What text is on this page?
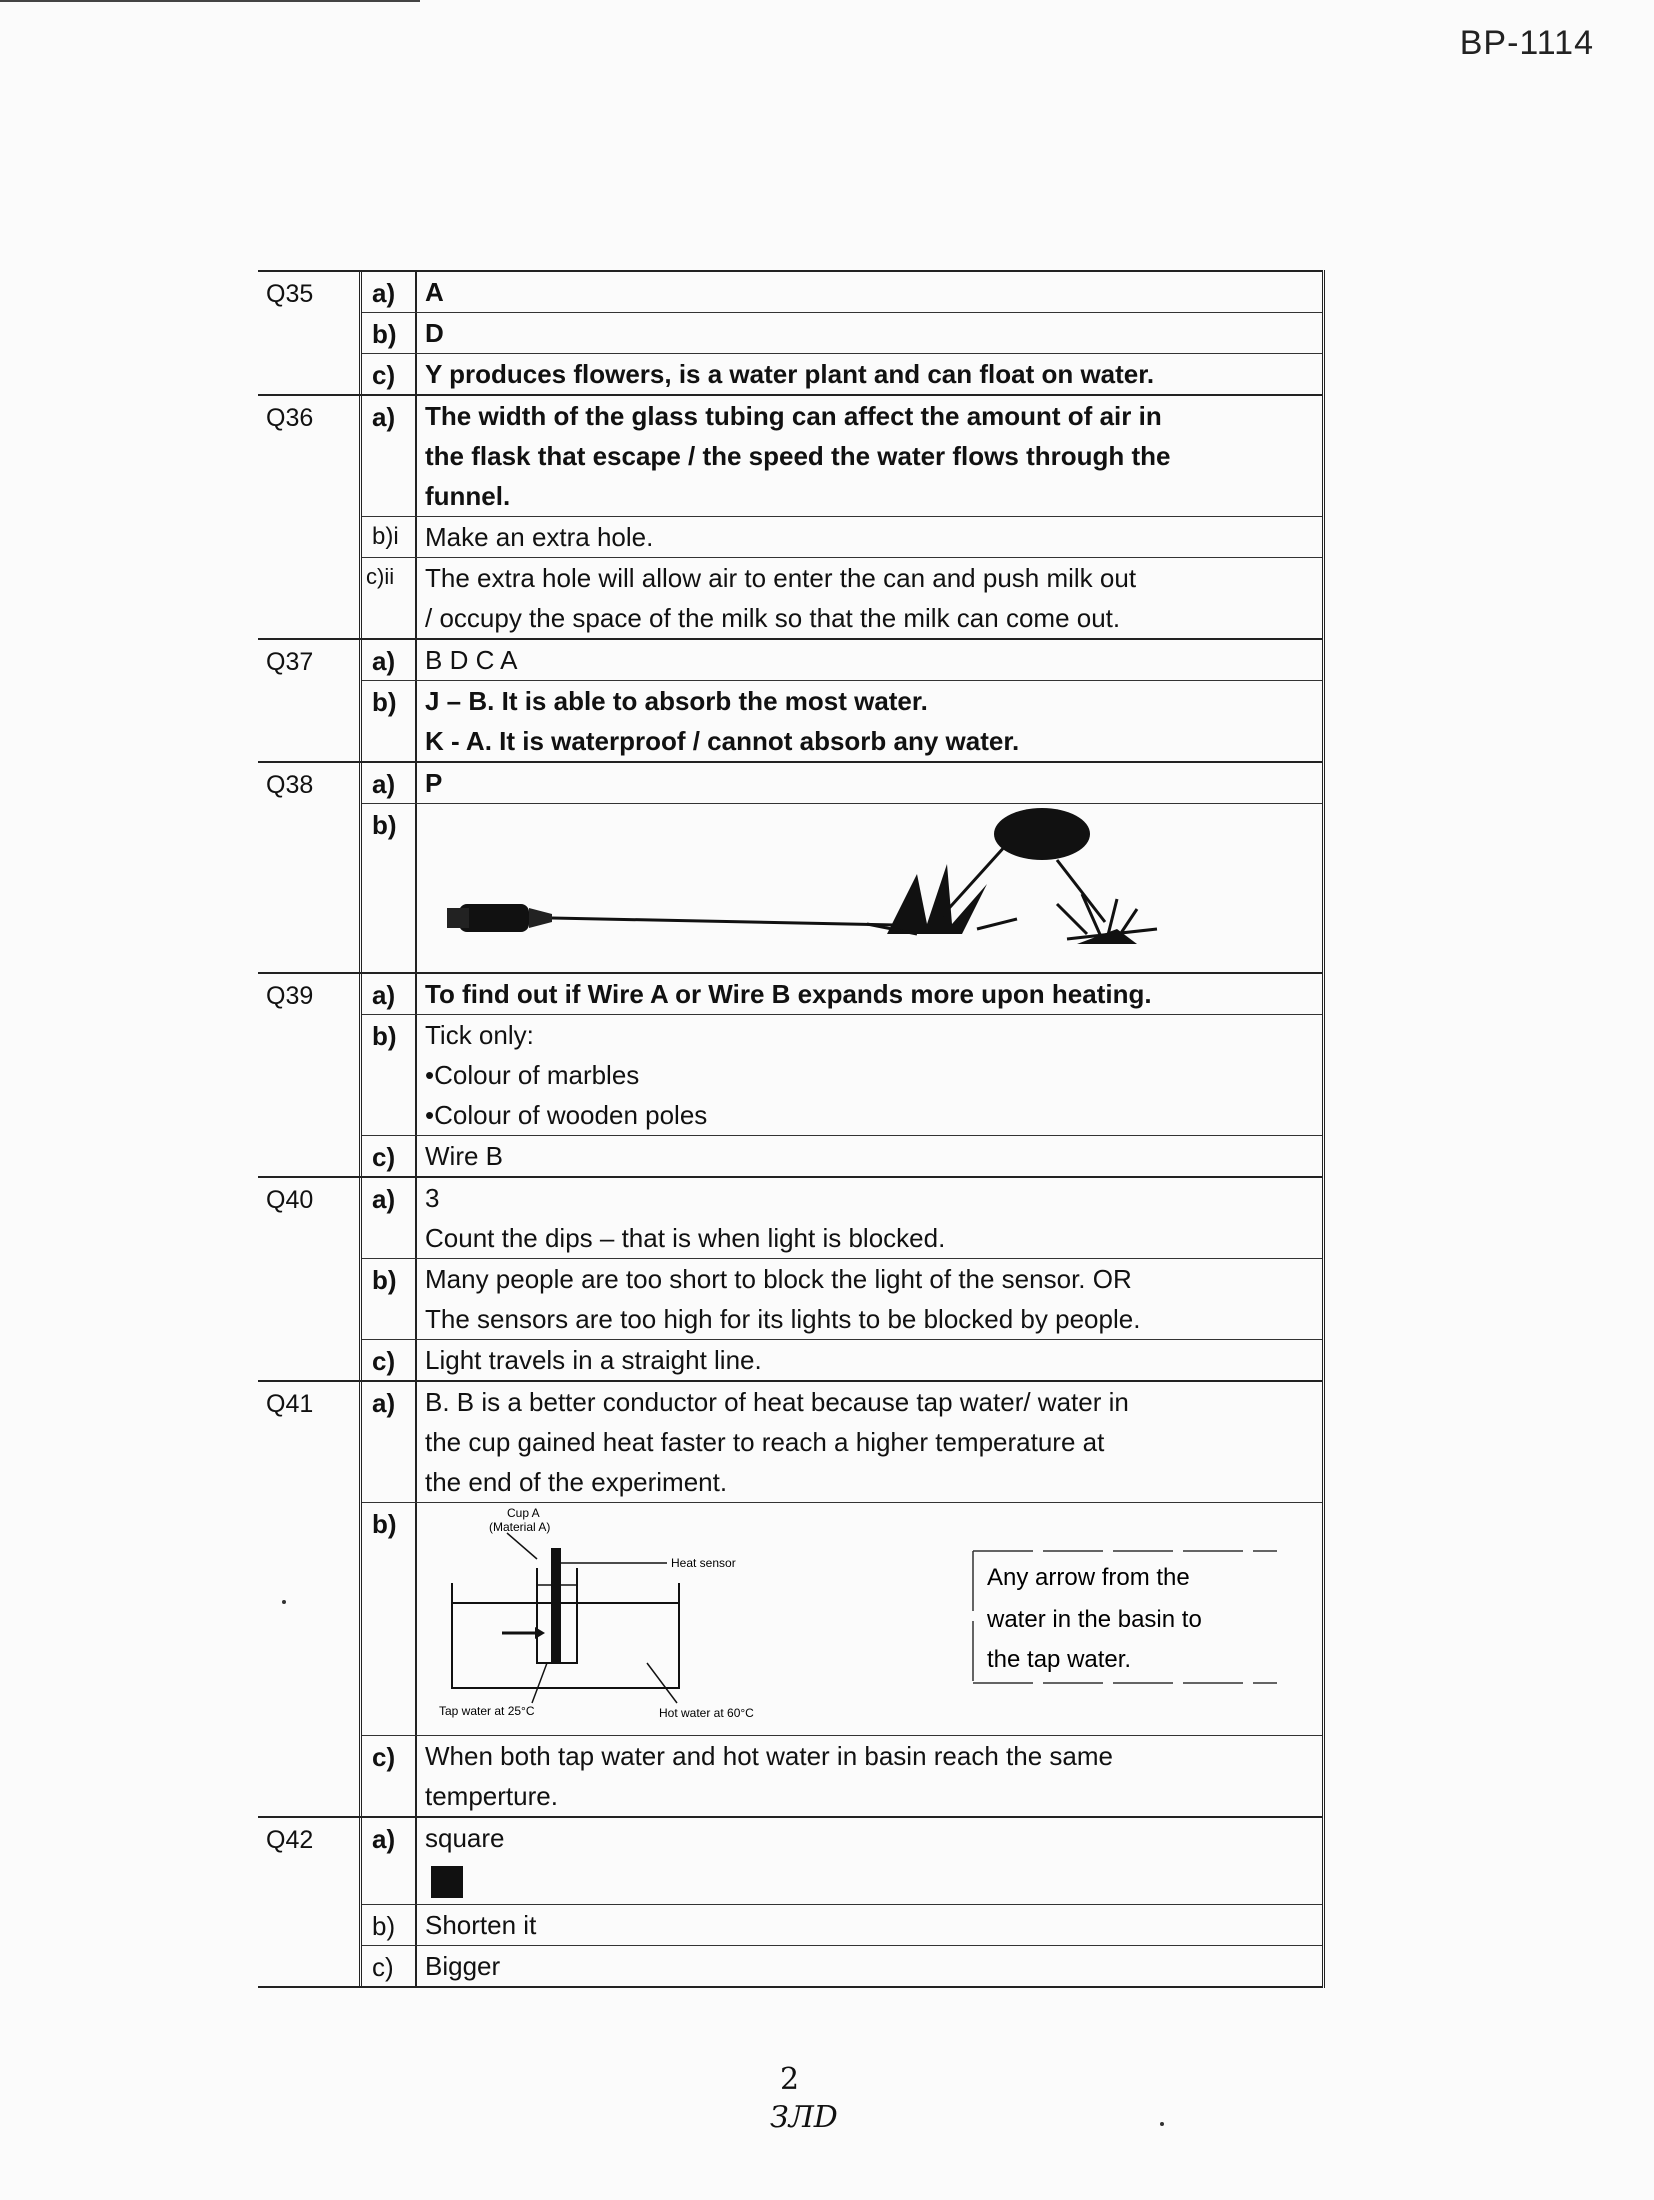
BP-1114
Q35	a)	A
b)	D
c)	Y produces flowers, is a water plant and can float on water.
Q36	a)	The width of the glass tubing can affect the amount of air in
the flask that escape / the speed the water flows through the
funnel.
b)i	Make an extra hole.
c)ii	The extra hole will allow air to enter the can and push milk out
/ occupy the space of the milk so that the milk can come out.
Q37	a)	B D C A
b)	J – B. It is able to absorb the most water.
K - A. It is waterproof / cannot absorb any water.
Q38	a)	P
b)
Q39	a)	To find out if Wire A or Wire B expands more upon heating.
b)	Tick only:
•Colour of marbles
•Colour of wooden poles
c)	Wire B
Q40	a)	3
Count the dips – that is when light is blocked.
b)	Many people are too short to block the light of the sensor. OR
The sensors are too high for its lights to be blocked by people.
c)	Light travels in a straight line.
Q41	a)	B. B is a better conductor of heat because tap water/ water in
the cup gained heat faster to reach a higher temperature at
the end of the experiment.
b)	Cup A
(Material A)
Heat sensor
Tap water at 25°C	Hot water at 60°C
Any arrow from the
water in the basin to
the tap water.
c)	When both tap water and hot water in basin reach the same
temperture.
Q42	a)	square
b)	Shorten it
c)	Bigger
2
ЗЛD
